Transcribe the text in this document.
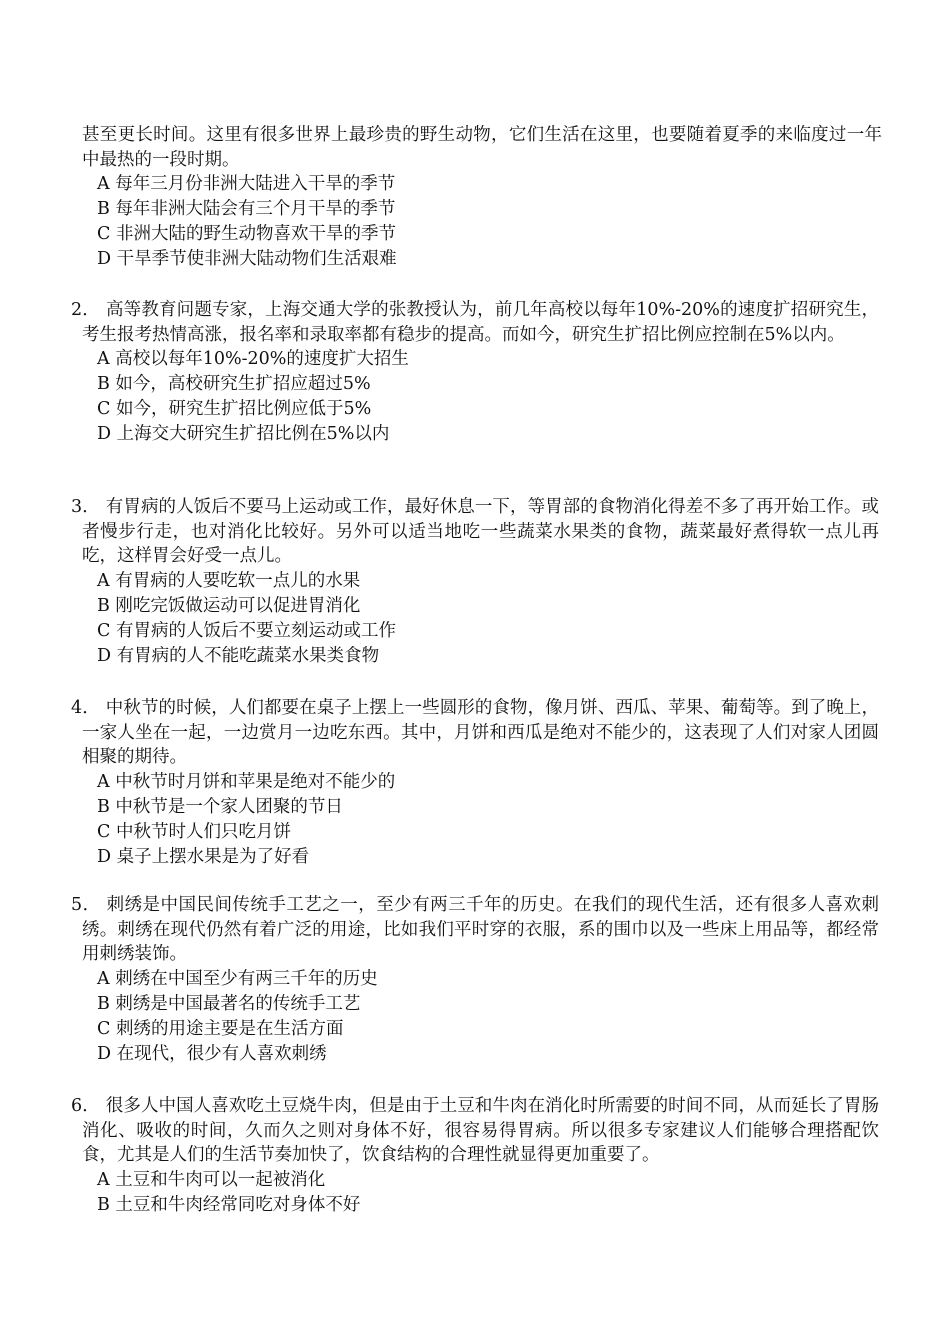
甚至更长时间。这里有很多世界上最珍贵的野生动物，它们生活在这里，也要随着夏季的来临度过一年中最热的一段时期。

A 每年三月份非洲大陆进入干旱的季节
B 每年非洲大陆会有三个月干旱的季节
C 非洲大陆的野生动物喜欢干旱的季节
D 干旱季节使非洲大陆动物们生活艰难

2． 高等教育问题专家，上海交通大学的张教授认为，前几年高校以每年10%-20%的速度扩招研究生，考生报考热情高涨，报名率和录取率都有稳步的提高。而如今，研究生扩招比例应控制在5%以内。

A 高校以每年10%-20%的速度扩大招生
B 如今，高校研究生扩招应超过5%
C 如今，研究生扩招比例应低于5%
D 上海交大研究生扩招比例在5%以内

3． 有胃病的人饭后不要马上运动或工作，最好休息一下，等胃部的食物消化得差不多了再开始工作。或者慢步行走，也对消化比较好。另外可以适当地吃一些蔬菜水果类的食物，蔬菜最好煮得软一点儿再吃，这样胃会好受一点儿。

A 有胃病的人要吃软一点儿的水果
B 刚吃完饭做运动可以促进胃消化
C 有胃病的人饭后不要立刻运动或工作
D 有胃病的人不能吃蔬菜水果类食物

4． 中秋节的时候，人们都要在桌子上摆上一些圆形的食物，像月饼、西瓜、苹果、葡萄等。到了晚上，一家人坐在一起，一边赏月一边吃东西。其中，月饼和西瓜是绝对不能少的，这表现了人们对家人团圆相聚的期待。

A 中秋节时月饼和苹果是绝对不能少的
B 中秋节是一个家人团聚的节日
C 中秋节时人们只吃月饼
D 桌子上摆水果是为了好看

5． 刺绣是中国民间传统手工艺之一，至少有两三千年的历史。在我们的现代生活，还有很多人喜欢刺绣。刺绣在现代仍然有着广泛的用途，比如我们平时穿的衣服，系的围巾以及一些床上用品等，都经常用刺绣装饰。

A 刺绣在中国至少有两三千年的历史
B 刺绣是中国最著名的传统手工艺
C 刺绣的用途主要是在生活方面
D 在现代，很少有人喜欢刺绣

6． 很多人中国人喜欢吃土豆烧牛肉，但是由于土豆和牛肉在消化时所需要的时间不同，从而延长了胃肠消化、吸收的时间，久而久之则对身体不好，很容易得胃病。所以很多专家建议人们能够合理搭配饮食，尤其是人们的生活节奏加快了，饮食结构的合理性就显得更加重要了。

A 土豆和牛肉可以一起被消化
B 土豆和牛肉经常同吃对身体不好
